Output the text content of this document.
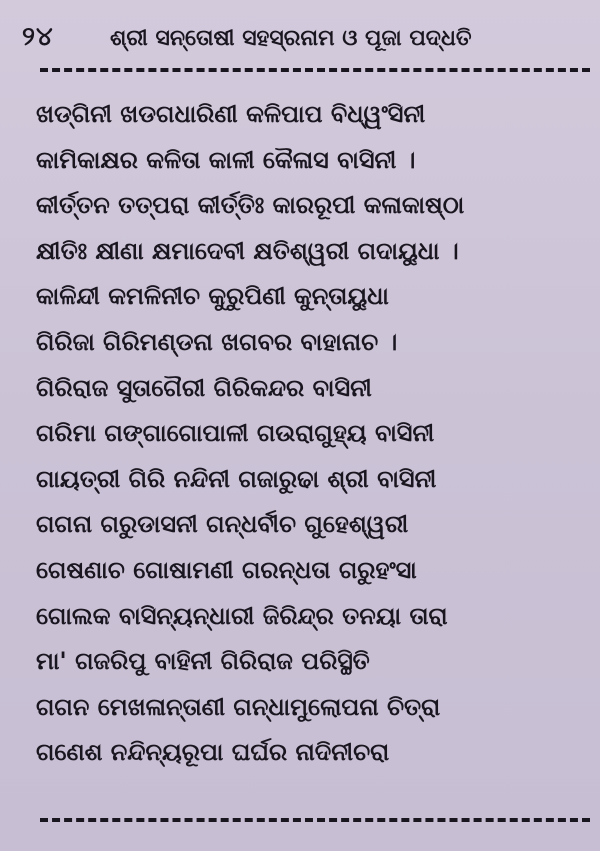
୨୪	ଶ୍ରୀ ସନ୍ତୋଷୀ ସହସ୍ରନାମ ଓ ପୂଜା ପଦ୍ଧତି
ଖଡ୍ଗିନୀ ଖଡଗଧାରିଣୀ କଳିପାପ ବିଧ୍ୱଂସିନୀ
କାମିକାକ୍ଷର କଳିତା କାଳୀ କୈଳାସ ବାସିନୀ ।
କୀର୍ତ୍ତନ ତତ୍ପରା କୀର୍ତ୍ତିଃ କାରରୂପୀ କଳାକାଷ୍ଠା
କ୍ଷୀତିଃ କ୍ଷୀଣା କ୍ଷମାଦେବୀ କ୍ଷତିଶ୍ୱରୀ ଗଦାୟୁଧା ।
କାଳିନ୍ଦୀ କମଳିନୀଚ କୁରୁପିଣୀ କୁନ୍ତାୟୁଧା
ଗିରିଜା ଗିରିମଣ୍ଡନା ଖଗବର ବାହାନାଚ ।
ଗିରିରାଜ ସୁତାଗୈରୀ ଗିରିକନ୍ଦର ବାସିନୀ
ଗରିମା ଗଙ୍ଗାଗୋପାଳୀ ଗଉରାଗୁହ୍ୟ ବାସିନୀ
ଗାୟତ୍ରୀ ଗିରି ନନ୍ଦିନୀ ଗଜାରୁଢା ଶ୍ରୀ ବାସିନୀ
ଗଗନା ଗରୁଡାସନୀ ଗନ୍ଧର୍ବୀଚ ଗୁହେଶ୍ୱରୀ
ଗେଷଣାଚ ଗୋଷାମଣୀ ଗରନ୍ଧତା ଗରୁହଂସା
ଗୋଲକ ବାସିନ୍ୟନ୍ଧାରୀ ଜିରିନ୍ଦ୍ର ତନୟା ତାରା
ମା' ଗଜରିପୁ ବାହିନୀ ଗିରିରାଜ ପରିସ୍ଥିତି
ଗଗନ ମେଖଳାନ୍ତାଣୀ ଗନ୍ଧାମୁଲୋପନା ଚିତ୍ରା
ଗଣେଶ ନନ୍ଦିନ୍ୟରୂପା ଘର୍ଘର ନାଦିନୀଚରା
